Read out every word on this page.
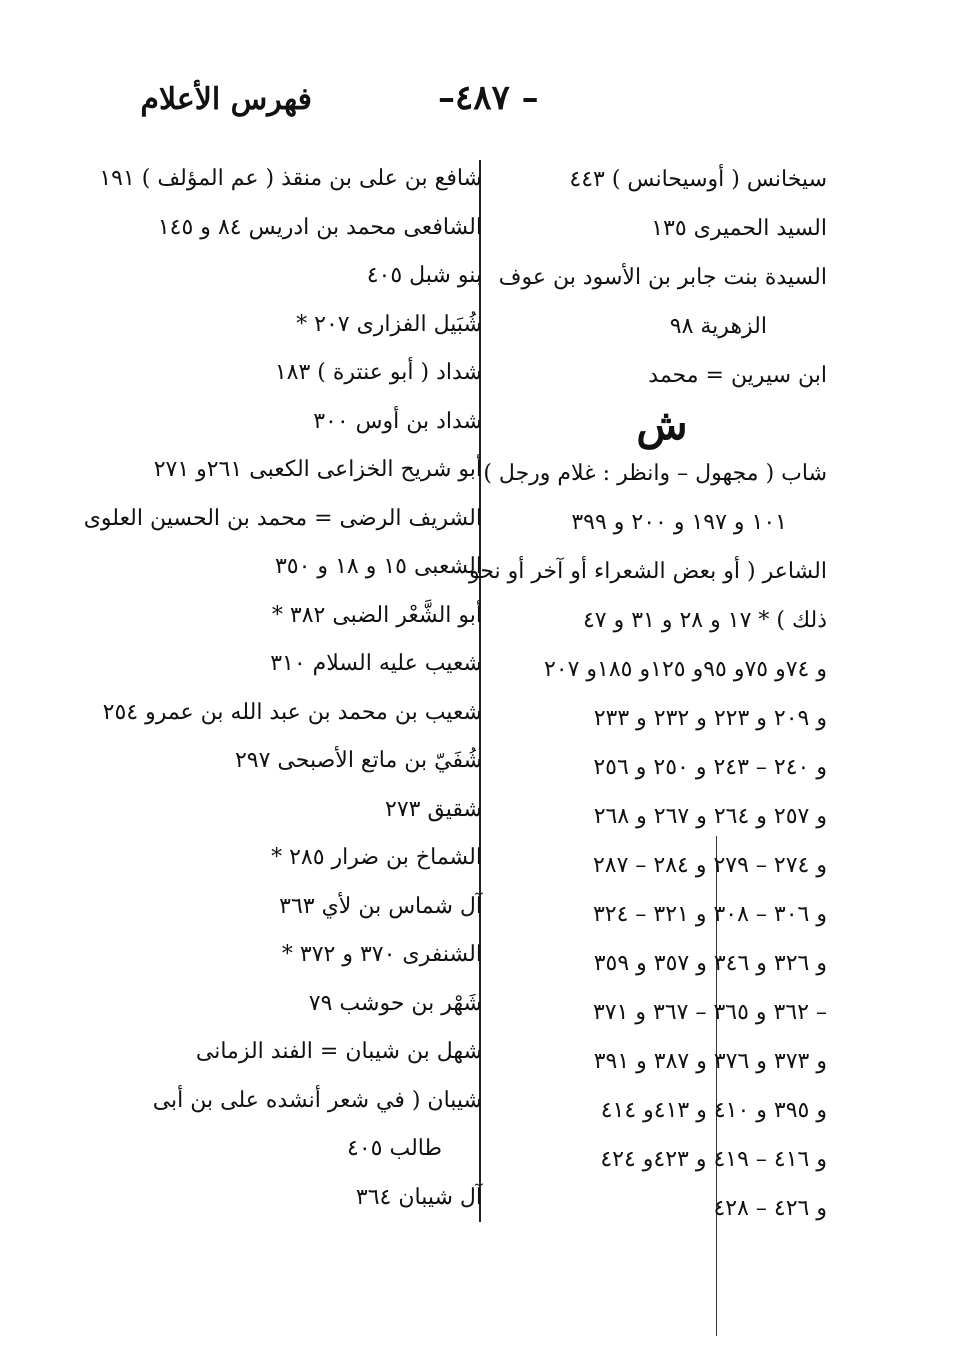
فهرس الأعلام	– ٤٨٧–
سيخانس ( أوسيحانس ) ٤٤٣
السيد الحميرى ١٣٥
السيدة بنت جابر بن الأسود بن عوف
الزهرية ٩٨
ابن سيرين = محمد
ش
شاب ( مجهول – وانظر : غلام ورجل )
١٠١ و ١٩٧ و ٢٠٠ و ٣٩٩
الشاعر ( أو بعض الشعراء أو آخر أو نحو
ذلك ) * ١٧ و ٢٨ و ٣١ و ٤٧
و ٧٤و ٧٥و ٩٥و ١٢٥و ١٨٥و ٢٠٧
و ٢٠٩ و ٢٢٣ و ٢٣٢ و ٢٣٣
و ٢٤٠ – ٢٤٣ و ٢٥٠ و ٢٥٦
و ٢٥٧ و ٢٦٤ و ٢٦٧ و ٢٦٨
و ٢٧٤ – ٢٧٩ و ٢٨٤ – ٢٨٧
و ٣٠٦ – ٣٠٨ و ٣٢١ – ٣٢٤
و ٣٢٦ و ٣٤٦ و ٣٥٧ و ٣٥٩
– ٣٦٢ و ٣٦٥ – ٣٦٧ و ٣٧١
و ٣٧٣ و ٣٧٦ و ٣٨٧ و ٣٩١
و ٣٩٥ و ٤١٠ و ٤١٣و ٤١٤
و ٤١٦ – ٤١٩ و ٤٢٣و ٤٢٤
و ٤٢٦ – ٤٢٨
شافع بن على بن منقذ ( عم المؤلف ) ١٩١
الشافعى محمد بن ادريس ٨٤ و ١٤٥
بنو شبل ٤٠٥
شُبَيل الفزارى ٢٠٧ *
شداد ( أبو عنترة ) ١٨٣
شداد بن أوس ٣٠٠
أبو شريح الخزاعى الكعبى ٢٦١و ٢٧١
الشريف الرضى = محمد بن الحسين العلوى
الشعبى ١٥ و ١٨ و ٣٥٠
أبو الشَّعْر الضبى ٣٨٢ *
شعيب عليه السلام ٣١٠
شعيب بن محمد بن عبد الله بن عمرو ٢٥٤
شُفَيّ بن ماتع الأصبحى ٢٩٧
شقيق ٢٧٣
الشماخ بن ضرار ٢٨٥ *
آل شماس بن لأي ٣٦٣
الشنفرى ٣٧٠ و ٣٧٢ *
شَهْر بن حوشب ٧٩
شهل بن شيبان = الفند الزمانى
شيبان ( في شعر أنشده على بن أبى
طالب ٤٠٥
آل شيبان ٣٦٤
